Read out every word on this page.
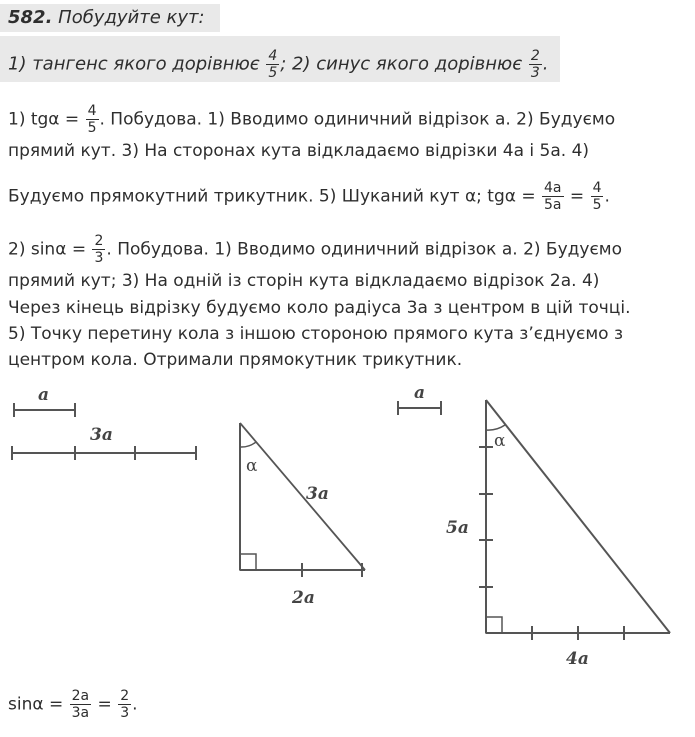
582. Побудуйте кут:
1) тангенс якого дорівнює $\frac{4}{5}$ ; 2) синус якого дорівнює $\frac{2}{3}$ .
1) $tg\alpha = \frac{4}{5}$ . Побудова. 1) Вводимо одиничний відрізок a. 2) Будуємо
прямий кут. 3) На сторонах кута відкладаємо відрізки 4a і 5a. 4)
Будуємо прямокутний трикутник. 5) Шуканий кут α; $tg\alpha = \frac{4a}{5a} = \frac{4}{5}$ .
2) $\sin\alpha = \frac{2}{3}$ . Побудова. 1) Вводимо одиничний відрізок a. 2) Будуємо
прямий кут; 3) На одній із сторін кута відкладаємо відрізок 2a. 4)
Через кінець відрізку будуємо коло радіуса 3a з центром в цій точці.
5) Точку перетину кола з іншою стороною прямого кута з’єднуємо з
центром кола. Отримали прямокутник трикутник.
a
3a
α
3a
2a
a
α
5a
4a
$\sin\alpha = \frac{2a}{3a} = \frac{2}{3}$ .
